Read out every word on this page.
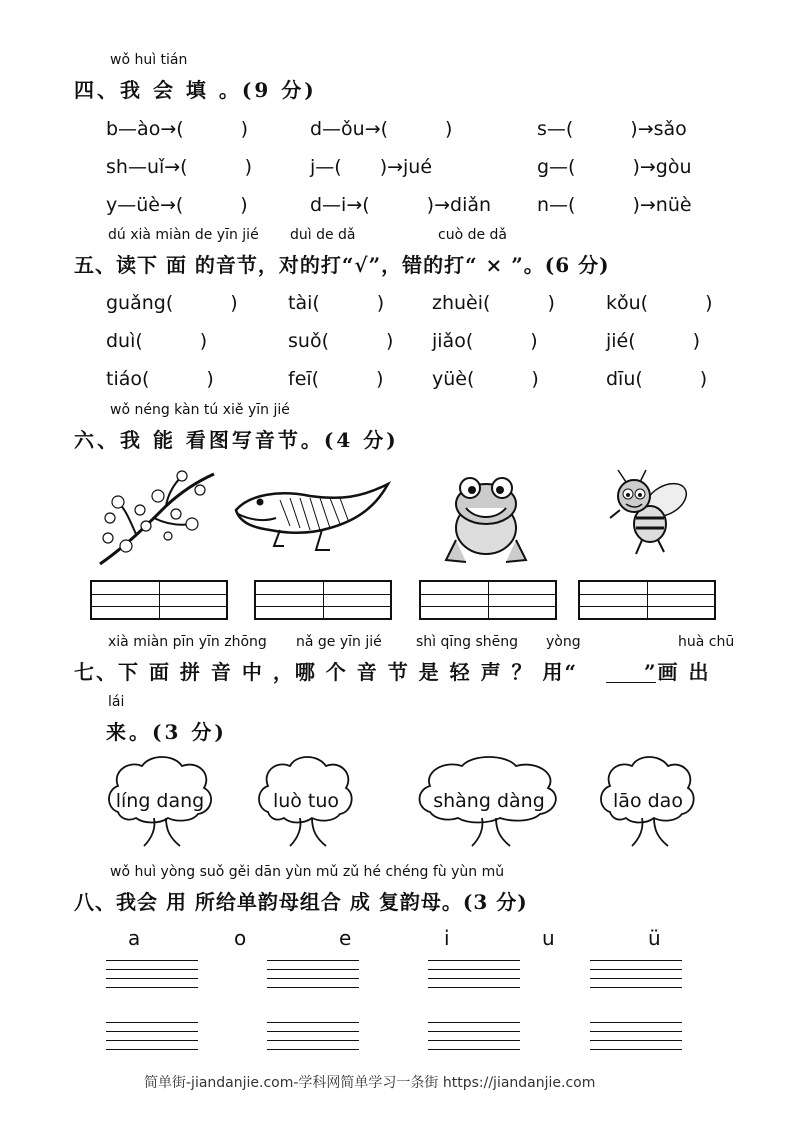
wǒ huì tián
四、我 会 填 。(9 分)
b—ào→(　　　)	d—ǒu→(　　　)	s—(　　　)→sǎo
sh—uǐ→(　　　)	j—(　　)→jué	g—(　　　)→gòu
y—üè→(　　　)	d—i→(　　　)→diǎn n—(　　　)→nüè
dú xià miàn de yīn jié duì de dǎ	cuò de dǎ
五、读下 面 的音节，对的打“√”，错的打“ × ”。(6 分)
guǎng(　　　)	tài(　　　)	zhuèi(　　　)	kǒu(　　　)
duì(　　　)	suǒ(　　　) jiǎo(　　　)	jié(　　　)
tiáo(　　　)	feī(　　　)	yüè(　　　)	dīu(　　　)
wǒ néng kàn tú xiě yīn jié
六、我 能 看图写音节。(4 分)
xià miàn pīn yīn zhōng nǎ ge yīn jié shì qīng shēng yòng	huà chū
七、下 面 拼 音 中 ，哪 个 音 节 是 轻 声 ？ 用“　　　”画 出
lái
来。(3 分)
líng dang	luò tuo	shàng dàng	lāo dao
wǒ huì yòng suǒ gěi dān yùn mǔ zǔ hé chéng fù yùn mǔ
八、我会 用 所给单韵母组合 成 复韵母。(3 分)
a	o	e	i	u	ü
简单街-jiandanjie.com-学科网简单学习一条街 https://jiandanjie.com
